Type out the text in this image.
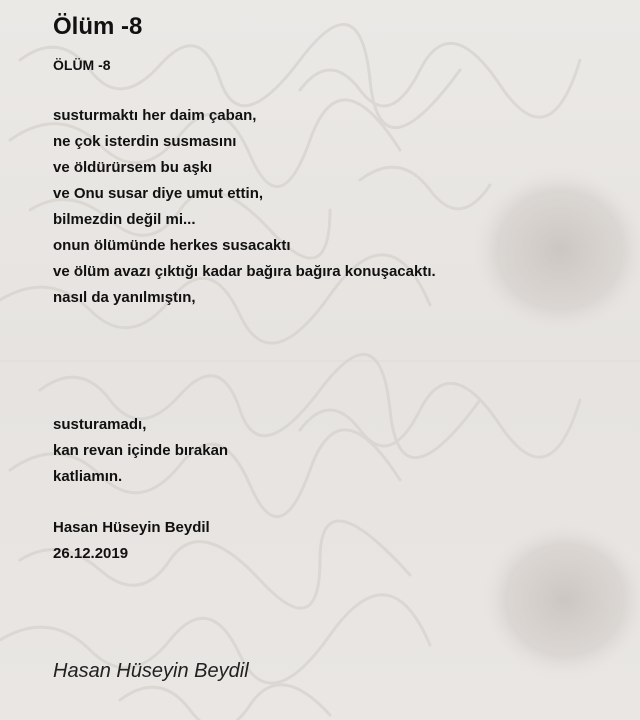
Ölüm -8
ÖLÜM -8
susturmaktı her daim çaban,
ne çok isterdin susmasını
ve öldürürsem bu aşkı
ve Onu susar diye umut ettin,
bilmezdin değil mi...
onun ölümünde herkes susacaktı
ve ölüm avazı çıktığı kadar bağıra bağıra konuşacaktı.
nasıl da yanılmıştın,
susturamadı,
kan revan içinde bırakan
katliamın.
Hasan Hüseyin Beydil
26.12.2019
Hasan Hüseyin Beydil
